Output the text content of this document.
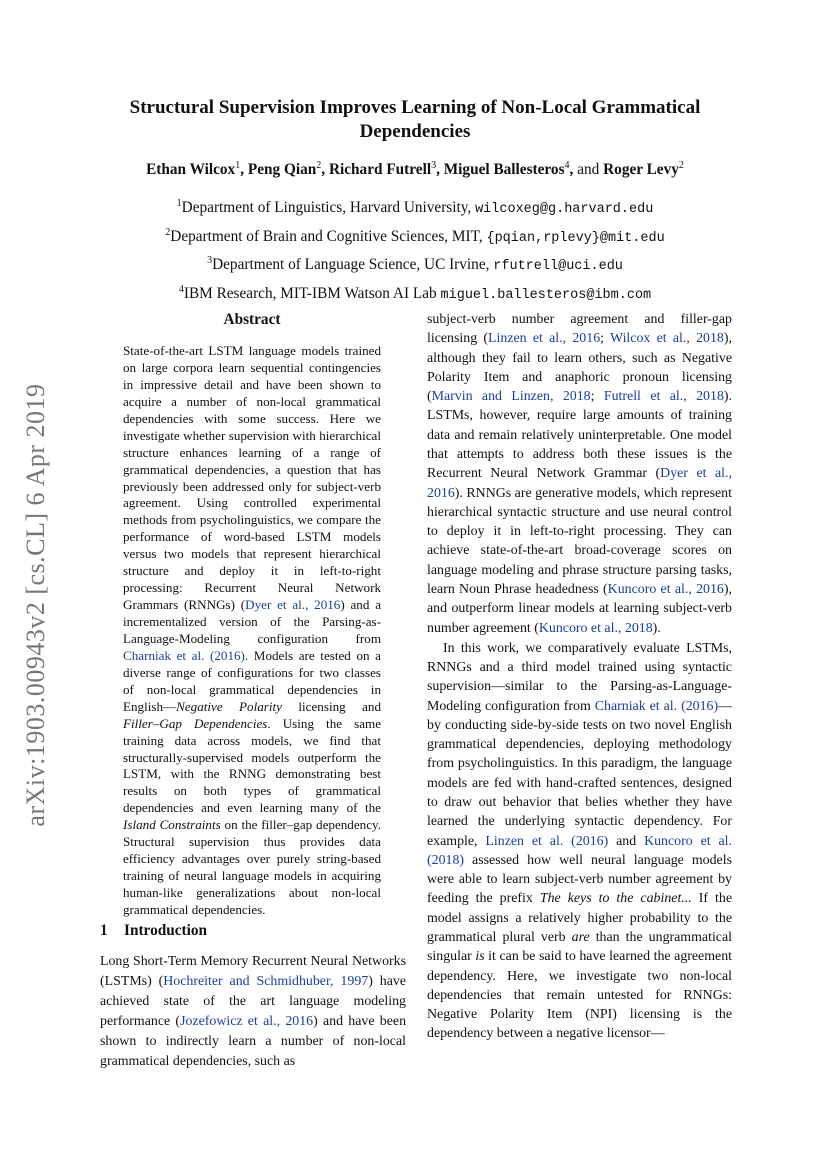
arXiv:1903.00943v2 [cs.CL] 6 Apr 2019
Structural Supervision Improves Learning of Non-Local Grammatical
Dependencies
Ethan Wilcox$^1$, Peng Qian$^2$, Richard Futrell$^3$, Miguel Ballesteros$^4$, and Roger Levy$^2$
$^1$Department of Linguistics, Harvard University, wilcoxeg@g.harvard.edu
$^2$Department of Brain and Cognitive Sciences, MIT, {pqian,rplevy}@mit.edu
$^3$Department of Language Science, UC Irvine, rfutrell@uci.edu
$^4$IBM Research, MIT-IBM Watson AI Lab miguel.ballesteros@ibm.com
Abstract
State-of-the-art LSTM language models trained on large corpora learn sequential contingencies in impressive detail and have been shown to acquire a number of non-local grammatical dependencies with some success. Here we investigate whether supervision with hierarchical structure enhances learning of a range of grammatical dependencies, a question that has previously been addressed only for subject-verb agreement. Using controlled experimental methods from psycholinguistics, we compare the performance of word-based LSTM models versus two models that represent hierarchical structure and deploy it in left-to-right processing: Recurrent Neural Network Grammars (RNNGs) (Dyer et al., 2016) and a incrementalized version of the Parsing-as-Language-Modeling configuration from Charniak et al. (2016). Models are tested on a diverse range of configurations for two classes of non-local grammatical dependencies in English—Negative Polarity licensing and Filler–Gap Dependencies. Using the same training data across models, we find that structurally-supervised models outperform the LSTM, with the RNNG demonstrating best results on both types of grammatical dependencies and even learning many of the Island Constraints on the filler–gap dependency. Structural supervision thus provides data efficiency advantages over purely string-based training of neural language models in acquiring human-like generalizations about non-local grammatical dependencies.
1 Introduction
Long Short-Term Memory Recurrent Neural Networks (LSTMs) (Hochreiter and Schmidhuber, 1997) have achieved state of the art language modeling performance (Jozefowicz et al., 2016) and have been shown to indirectly learn a number of non-local grammatical dependencies, such as

subject-verb number agreement and filler-gap licensing (Linzen et al., 2016; Wilcox et al., 2018), although they fail to learn others, such as Negative Polarity Item and anaphoric pronoun licensing (Marvin and Linzen, 2018; Futrell et al., 2018). LSTMs, however, require large amounts of training data and remain relatively uninterpretable. One model that attempts to address both these issues is the Recurrent Neural Network Grammar (Dyer et al., 2016). RNNGs are generative models, which represent hierarchical syntactic structure and use neural control to deploy it in left-to-right processing. They can achieve state-of-the-art broad-coverage scores on language modeling and phrase structure parsing tasks, learn Noun Phrase headedness (Kuncoro et al., 2016), and outperform linear models at learning subject-verb number agreement (Kuncoro et al., 2018).

In this work, we comparatively evaluate LSTMs, RNNGs and a third model trained using syntactic supervision—similar to the Parsing-as-Language-Modeling configuration from Charniak et al. (2016)—by conducting side-by-side tests on two novel English grammatical dependencies, deploying methodology from psycholinguistics. In this paradigm, the language models are fed with hand-crafted sentences, designed to draw out behavior that belies whether they have learned the underlying syntactic dependency. For example, Linzen et al. (2016) and Kuncoro et al. (2018) assessed how well neural language models were able to learn subject-verb number agreement by feeding the prefix The keys to the cabinet... If the model assigns a relatively higher probability to the grammatical plural verb are than the ungrammatical singular is it can be said to have learned the agreement dependency. Here, we investigate two non-local dependencies that remain untested for RNNGs: Negative Polarity Item (NPI) licensing is the dependency between a negative licensor—
